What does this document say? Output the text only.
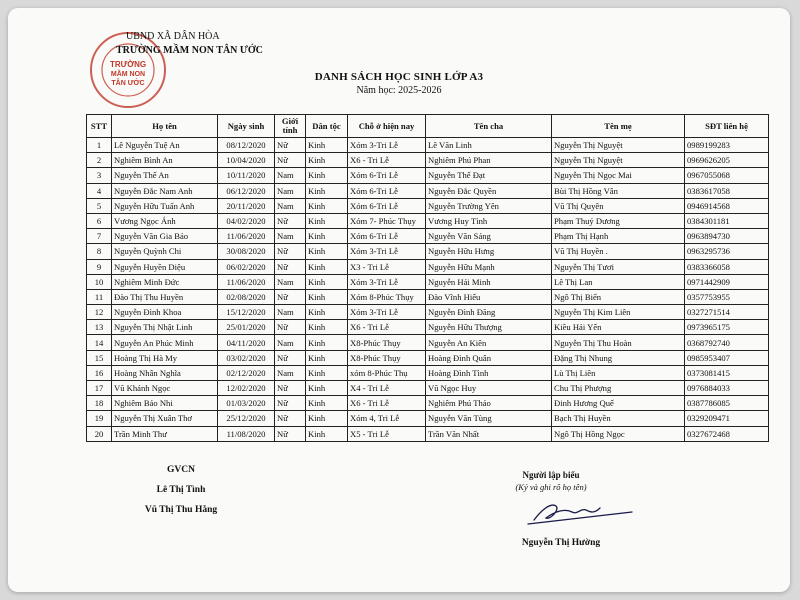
TRƯỜNG
MẦM NON
TÂN ƯỚC
UBND XÃ DÂN HÒA
TRƯỜNG MẦM NON TÂN ƯỚC
DANH SÁCH HỌC SINH LỚP A3
Năm học: 2025-2026
STT	Họ tên	Ngày sinh	Giới tính	Dân tộc	Chỗ ở hiện nay	Tên cha	Tên mẹ	SĐT liên hệ
1	Lê Nguyễn Tuệ An	08/12/2020	Nữ	Kinh	Xóm 3-Tri Lễ	Lê Văn Linh	Nguyễn Thị Nguyệt	0989199283
2	Nghiêm Bình An	10/04/2020	Nữ	Kinh	X6 - Tri Lễ	Nghiêm Phú Phan	Nguyễn Thị Nguyệt	0969626205
3	Nguyễn Thế An	10/11/2020	Nam	Kinh	Xóm 6-Tri Lễ	Nguyễn Thế Đạt	Nguyễn Thị Ngọc Mai	0967055068
4	Nguyễn Đắc Nam Anh	06/12/2020	Nam	Kinh	Xóm 6-Tri Lễ	Nguyễn Đắc Quyền	Bùi Thị Hồng Vân	0383617058
5	Nguyễn Hữu Tuấn Anh	20/11/2020	Nam	Kinh	Xóm 6-Tri Lễ	Nguyễn Trường Yên	Vũ Thị Quyên	0946914568
6	Vương Ngọc Ánh	04/02/2020	Nữ	Kinh	Xóm 7- Phúc Thụy	Vương Huy Tình	Phạm Thuý Dương	0384301181
7	Nguyễn Văn Gia Bảo	11/06/2020	Nam	Kinh	Xóm 6-Tri Lễ	Nguyễn Văn Sáng	Phạm Thị Hạnh	0963894730
8	Nguyễn Quỳnh Chi	30/08/2020	Nữ	Kinh	Xóm 3-Tri Lễ	Nguyễn Hữu Hưng	Vũ Thị Huyền .	0963295736
9	Nguyễn Huyền Diệu	06/02/2020	Nữ	Kinh	X3 - Tri Lễ	Nguyễn Hữu Mạnh	Nguyễn Thị Tươi	0383366058
10	Nghiêm Minh Đức	11/06/2020	Nam	Kinh	Xóm 3-Tri Lễ	Nguyễn Hải Minh	Lê Thị Lan	0971442909
11	Đào Thị Thu Huyền	02/08/2020	Nữ	Kinh	Xóm 8-Phúc Thụy	Đào Vĩnh Hiếu	Ngô Thị Biển	0357753955
12	Nguyễn Đình Khoa	15/12/2020	Nam	Kinh	Xóm 3-Tri Lễ	Nguyễn Đình Đăng	Nguyễn Thị Kim Liên	0327271514
13	Nguyễn Thị Nhật Linh	25/01/2020	Nữ	Kinh	X6 - Tri Lễ	Nguyễn Hữu Thượng	Kiều Hải Yến	0973965175
14	Nguyễn An Phúc Minh	04/11/2020	Nam	Kinh	X8-Phúc Thụy	Nguyễn An Kiên	Nguyễn Thị Thu Hoàn	0368792740
15	Hoàng Thị Hà My	03/02/2020	Nữ	Kinh	X8-Phúc Thụy	Hoàng Đình Quân	Đặng Thị Nhung	0985953407
16	Hoàng Nhân Nghĩa	02/12/2020	Nam	Kinh	xóm 8-Phúc Thụ	Hoàng Đình Tình	Lù Thị Liên	0373081415
17	Vũ Khánh Ngọc	12/02/2020	Nữ	Kinh	X4 - Tri Lễ	Vũ Ngọc Huy	Chu Thị Phượng	0976884033
18	Nghiêm Bảo Nhi	01/03/2020	Nữ	Kinh	X6 - Tri Lễ	Nghiêm Phú Thảo	Đinh Hương Quế	0387786085
19	Nguyễn Thị Xuân Thơ	25/12/2020	Nữ	Kinh	Xóm 4, Tri Lễ	Nguyễn Văn Tùng	Bạch Thị Huyền	0329209471
20	Trần Minh Thư	11/08/2020	Nữ	Kinh	X5 - Tri Lễ	Trần Văn Nhất	Ngô Thị Hồng Ngọc	0327672468
GVCN
Lê Thị Tình
Vũ Thị Thu Hằng
Người lập biểu
(Ký và ghi rõ họ tên)
Nguyễn Thị Hường
